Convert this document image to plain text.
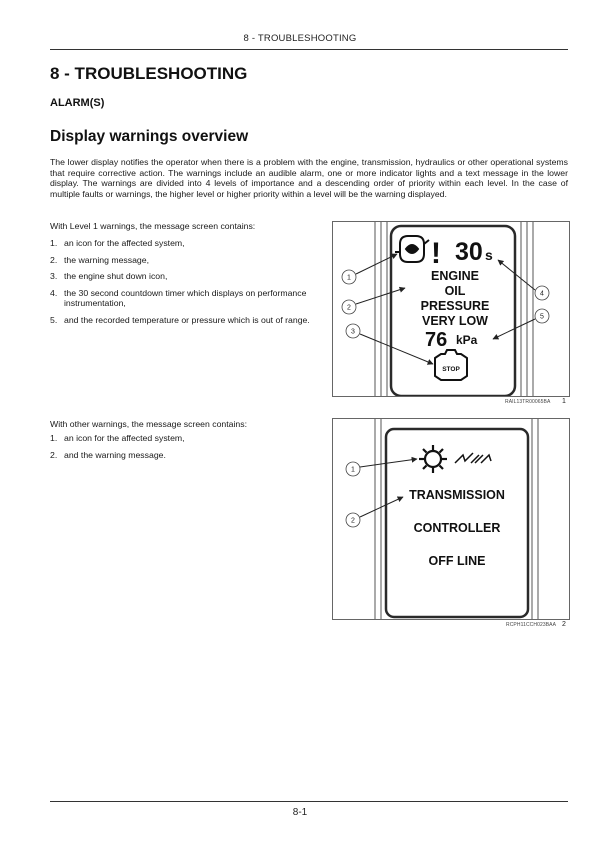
8 - TROUBLESHOOTING
8 - TROUBLESHOOTING
ALARM(S)
Display warnings overview

The lower display notifies the operator when there is a problem with the engine, transmission, hydraulics or other operational systems that require corrective action. The warnings include an audible alarm, one or more indicator lights and a text message in the lower display. The warnings are divided into 4 levels of importance and a descending order of priority within each level. In the case of multiple faults or warnings, the higher level or higher priority within a level will be the warning displayed.

With Level 1 warnings, the message screen contains:

1. an icon for the affected system,
2. the warning message,
3. the engine shut down icon,
4. the 30 second countdown timer which displays on performance instrumentation,
5. and the recorded temperature or pressure which is out of range.

With other warnings, the message screen contains:

1. an icon for the affected system,
2. and the warning message.
! 30 s
ENGINE
OIL
PRESSURE
VERY LOW
76 kPa
STOP
1
2
3
4
5
RAIL13TR00065BA 1
TRANSMISSION
CONTROLLER
OFF LINE
1
2
RCPH11CCH023BAA 2
8-1
